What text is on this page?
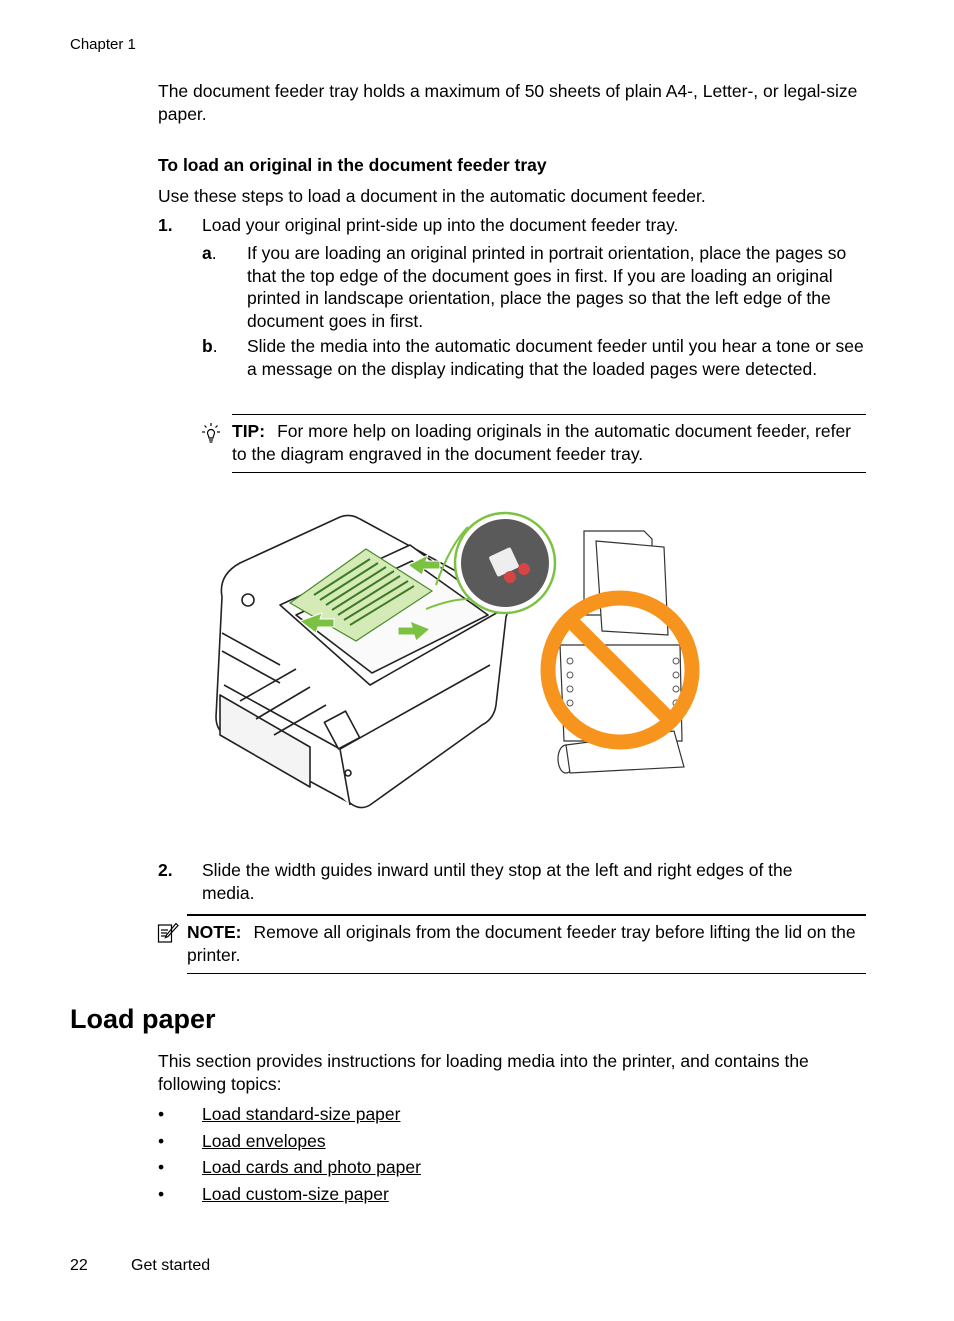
Chapter 1
The document feeder tray holds a maximum of 50 sheets of plain A4-, Letter-, or legal-size paper.
To load an original in the document feeder tray
Use these steps to load a document in the automatic document feeder.
1. Load your original print-side up into the document feeder tray.
a. If you are loading an original printed in portrait orientation, place the pages so that the top edge of the document goes in first. If you are loading an original printed in landscape orientation, place the pages so that the left edge of the document goes in first.
b. Slide the media into the automatic document feeder until you hear a tone or see a message on the display indicating that the loaded pages were detected.
TIP: For more help on loading originals in the automatic document feeder, refer to the diagram engraved in the document feeder tray.
2. Slide the width guides inward until they stop at the left and right edges of the media.
NOTE: Remove all originals from the document feeder tray before lifting the lid on the printer.
Load paper
This section provides instructions for loading media into the printer, and contains the following topics:
• Load standard-size paper
• Load envelopes
• Load cards and photo paper
• Load custom-size paper
22	Get started
